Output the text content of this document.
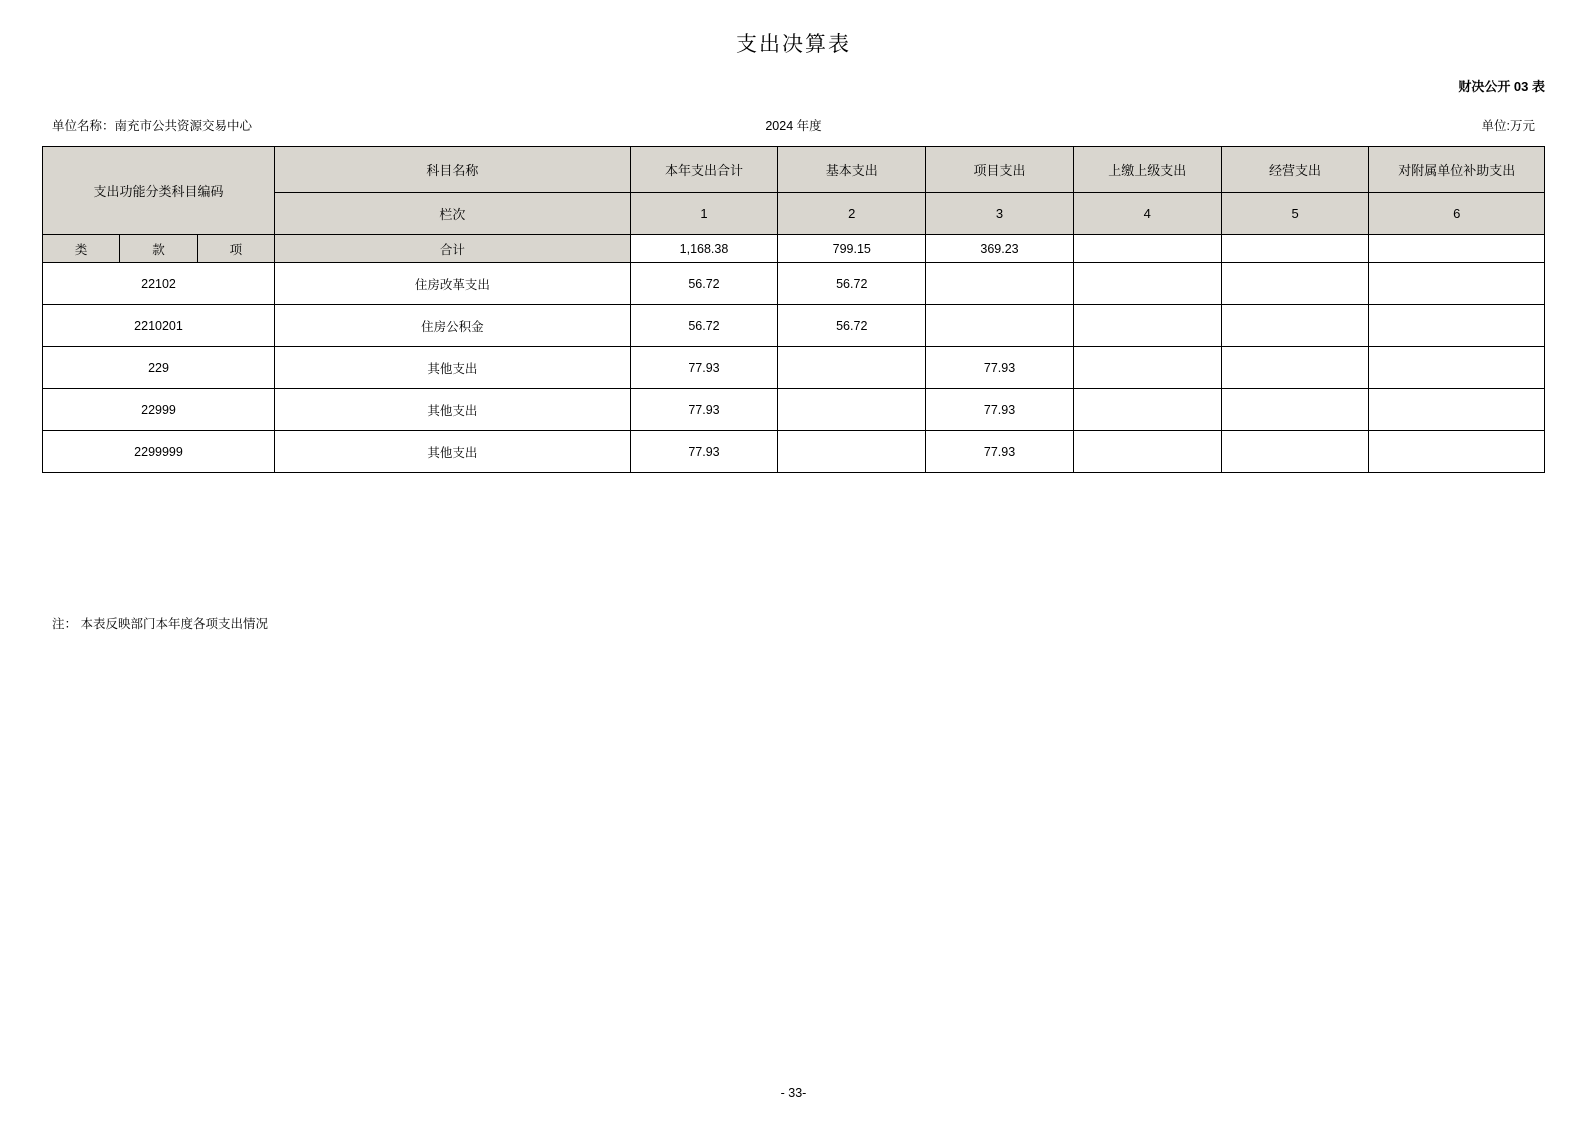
支出决算表
财决公开 03 表
单位名称：南充市公共资源交易中心	2024 年度	单位:万元
支出功能分类科目编码			科目名称	本年支出合计	基本支出	项目支出	上缴上级支出	经营支出	对附属单位补助支出
			栏次	1	2	3	4	5	6
类	款	项	合计	1,168.38	799.15	369.23			
22102			住房改革支出	56.72	56.72				
2210201			住房公积金	56.72	56.72				
229			其他支出	77.93		77.93			
22999			其他支出	77.93		77.93			
2299999			其他支出	77.93		77.93			
注： 本表反映部门本年度各项支出情况
- 33-
